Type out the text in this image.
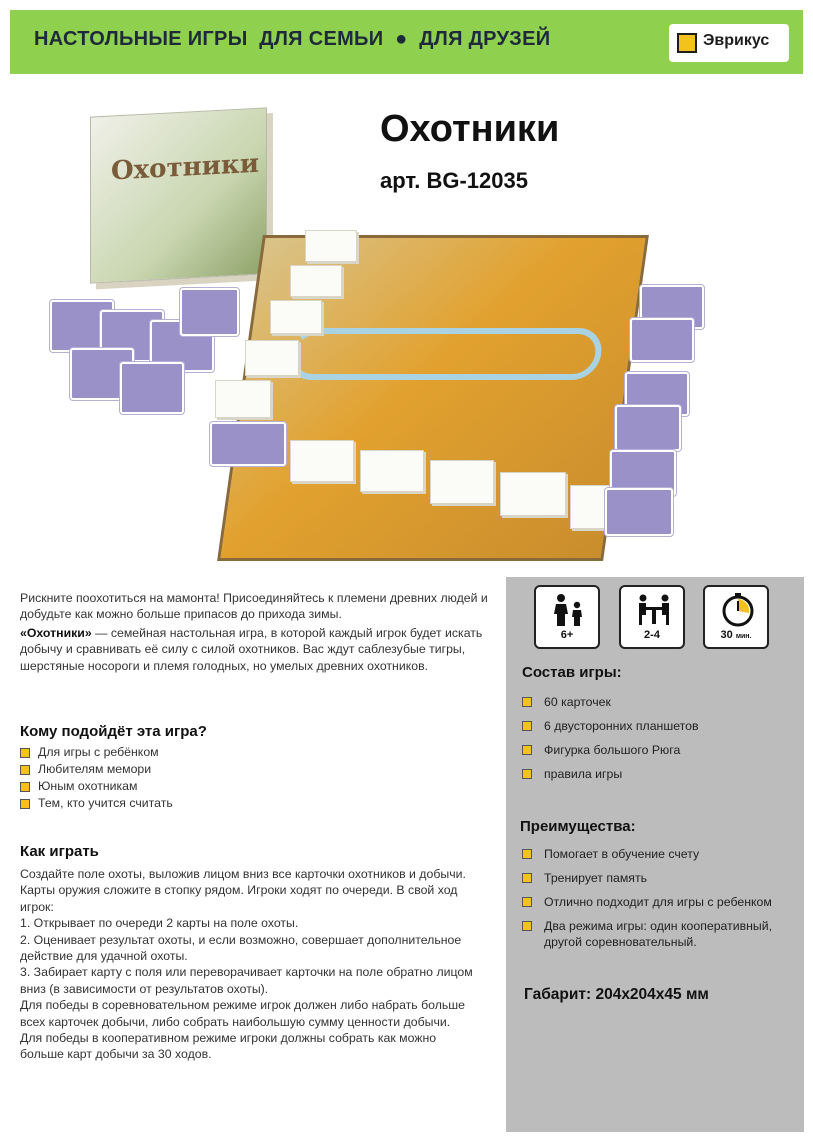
НАСТОЛЬНЫЕ ИГРЫ  ДЛЯ СЕМЬИ  ●  ДЛЯ ДРУЗЕЙ	Эврикус
Охотники
арт. BG-12035
Охотники

Рискните поохотиться на мамонта! Присоединяйтесь к племени древних людей и добудьте как можно больше припасов до прихода зимы.

«Охотники» — семейная настольная игра, в которой каждый игрок будет искать добычу и сравнивать её силу с силой охотников. Вас ждут саблезубые тигры, шерстяные носороги и племя голодных, но умелых древних охотников.

Кому подойдёт эта игра?
Для игры с ребёнком
Любителям мемори
Юным охотникам
Тем, кто учится считать
Как играть
Создайте поле охоты, выложив лицом вниз все карточки охотников и добычи.
Карты оружия сложите в стопку рядом. Игроки ходят по очереди. В свой ход
игрок:
1. Открывает по очереди 2 карты на поле охоты.
2. Оценивает результат охоты, и если возможно, совершает дополнительное
действие для удачной охоты.
3. Забирает карту с поля или переворачивает карточки на поле обратно лицом
вниз (в зависимости от результатов охоты).
Для победы в соревновательном режиме игрок должен либо набрать больше
всех карточек добычи, либо собрать наибольшую сумму ценности добычи.
Для победы в кооперативном режиме игроки должны собрать как можно
больше карт добычи за 30 ходов.
6+	2-4	30 мин.
Состав игры:
60 карточек
6 двусторонних планшетов
Фигурка большого Рюга
правила игры
Преимущества:
Помогает в обучение счету
Тренирует память
Отлично подходит для игры с ребенком
Два режима игры: один кооперативный, другой соревновательный.
Габарит: 204x204x45 мм
